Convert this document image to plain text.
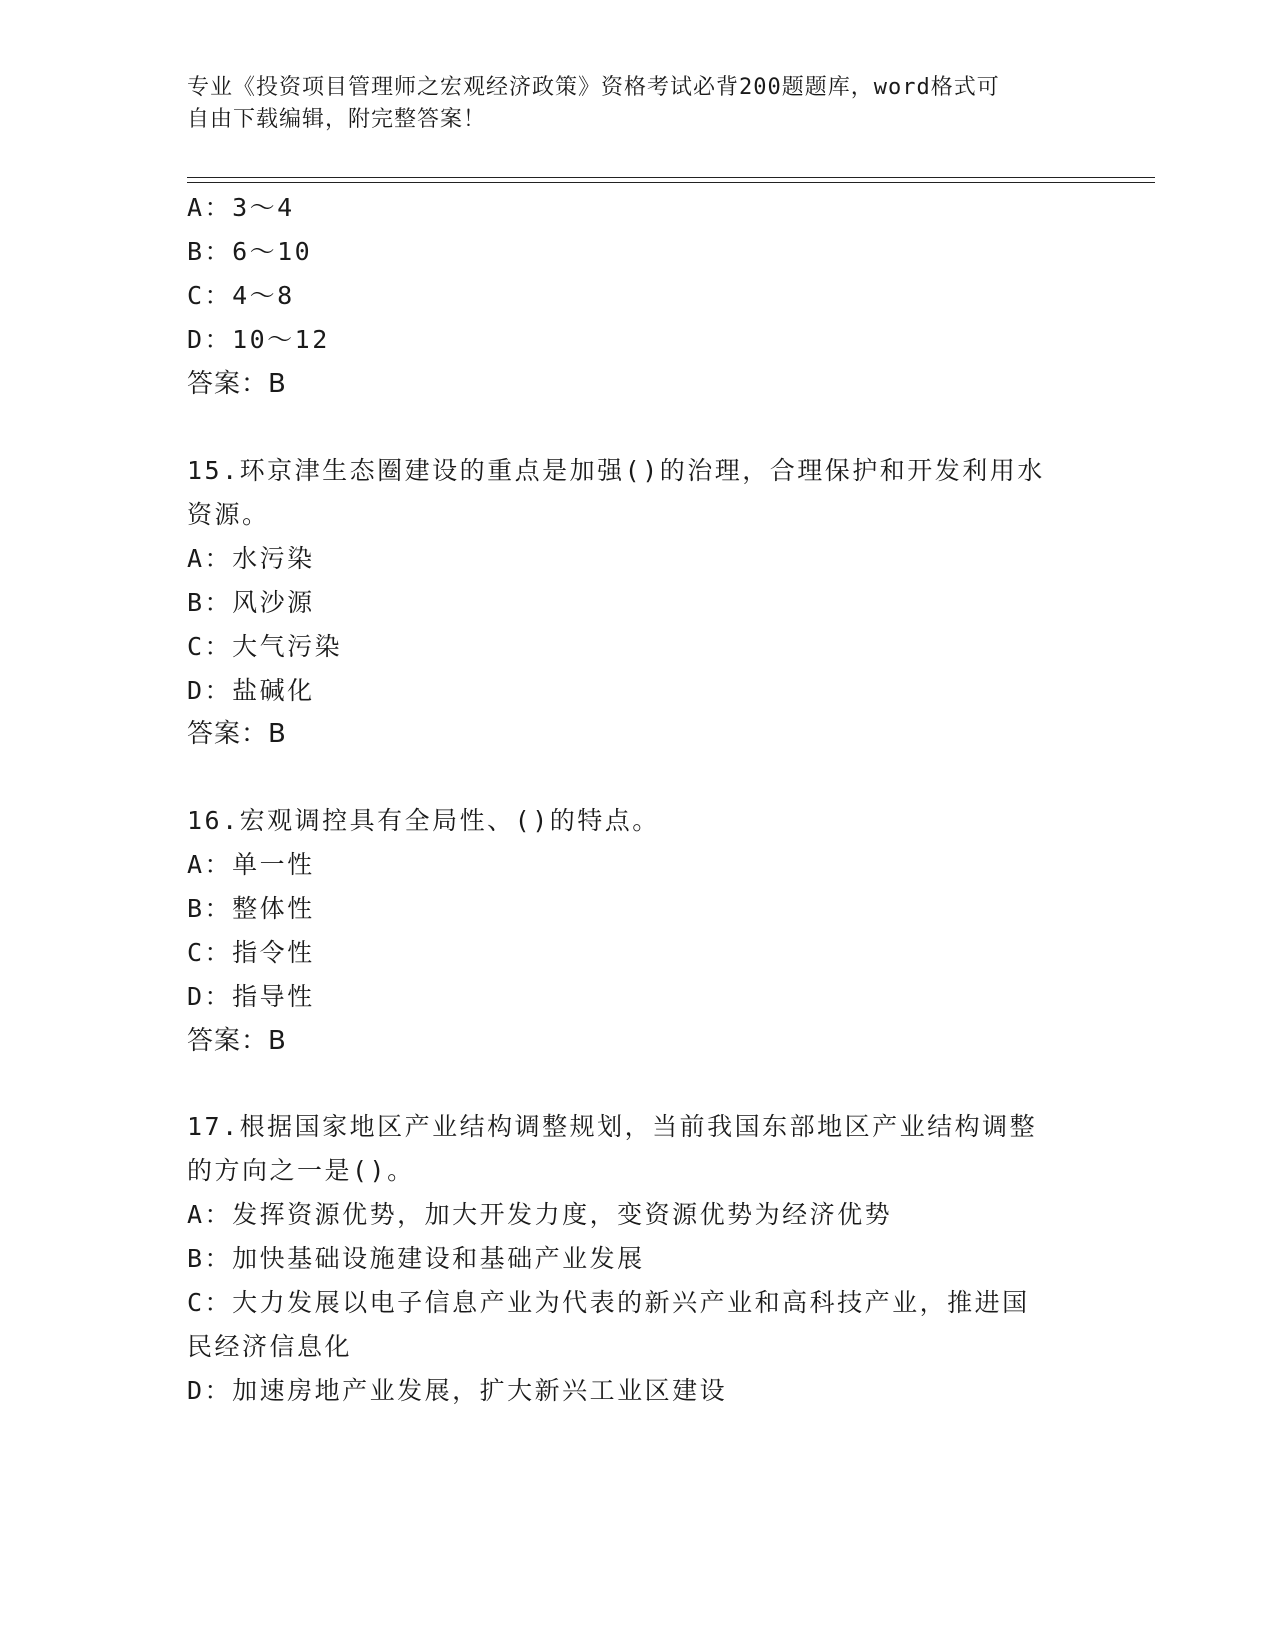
专业《投资项目管理师之宏观经济政策》资格考试必背200题题库，word格式可
自由下载编辑，附完整答案！
A：3～4
B：6～10
C：4～8
D：10～12
答案：B
15.环京津生态圈建设的重点是加强()的治理，合理保护和开发利用水
资源。
A：水污染
B：风沙源
C：大气污染
D：盐碱化
答案：B
16.宏观调控具有全局性、()的特点。
A：单一性
B：整体性
C：指令性
D：指导性
答案：B
17.根据国家地区产业结构调整规划，当前我国东部地区产业结构调整
的方向之一是()。
A：发挥资源优势，加大开发力度，变资源优势为经济优势
B：加快基础设施建设和基础产业发展
C：大力发展以电子信息产业为代表的新兴产业和高科技产业，推进国
民经济信息化
D：加速房地产业发展，扩大新兴工业区建设
